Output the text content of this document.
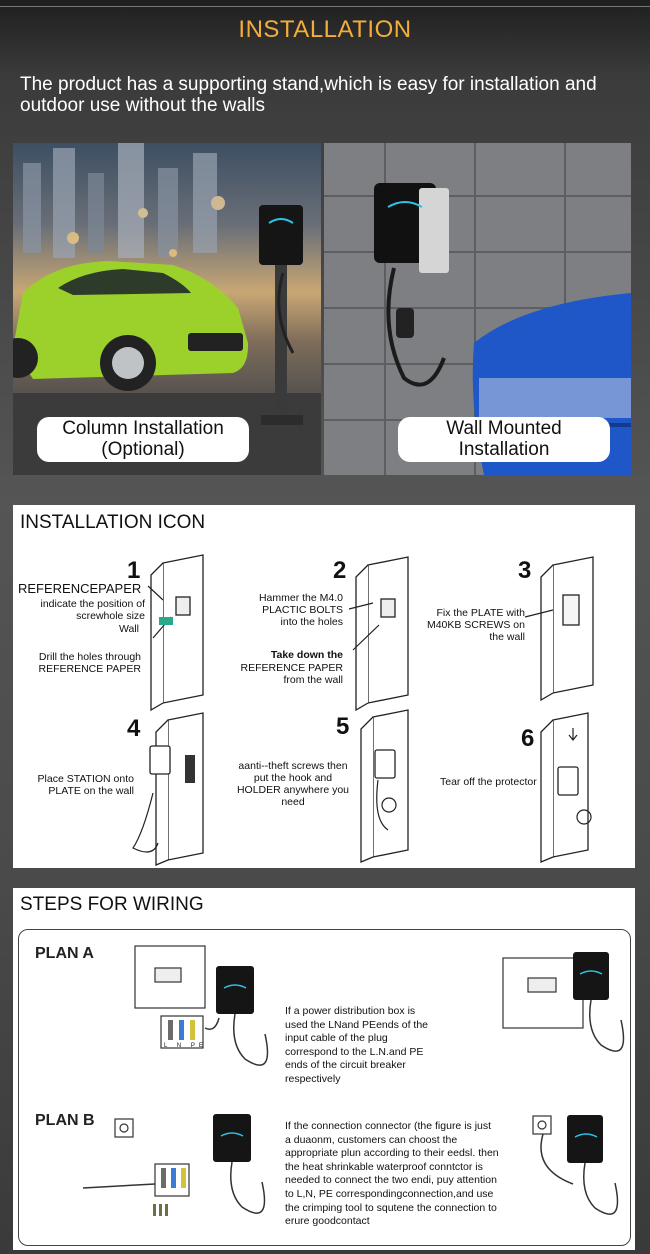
INSTALLATION
The product has a supporting stand,which is easy for installation and outdoor use without the walls
Column Installation
(Optional)
Wall Mounted
Installation
INSTALLATION ICON
1
REFERENCEPAPER
indicate the position of screwhole size
Wall
Drill the holes through REFERENCE PAPER
2
Hammer the M4.0 PLACTIC BOLTS into the holes
Take down the
REFERENCE PAPER from the wall
3
Fix the PLATE with M40KB SCREWS on the wall
4
Place STATION onto PLATE on the wall
5
aanti--theft screws then put the hook and HOLDER anywhere you need
6
Tear off the protector
STEPS FOR WIRING
PLAN A
PLAN B
L N PE
If a power distribution box is used the LNand PEends of the input cable of the plug correspond to the L.N.and PE ends of the circuit breaker respectively
If the connection connector (the figure is just a duaonm, customers can choost the appropriate plun according to their eedsl. then the heat shrinkable waterproof conntctor is needed to connect the two endi, puy attention to L,N, PE correspondingconnection,and use the crimping tool to squtene the connection to erure goodcontact
